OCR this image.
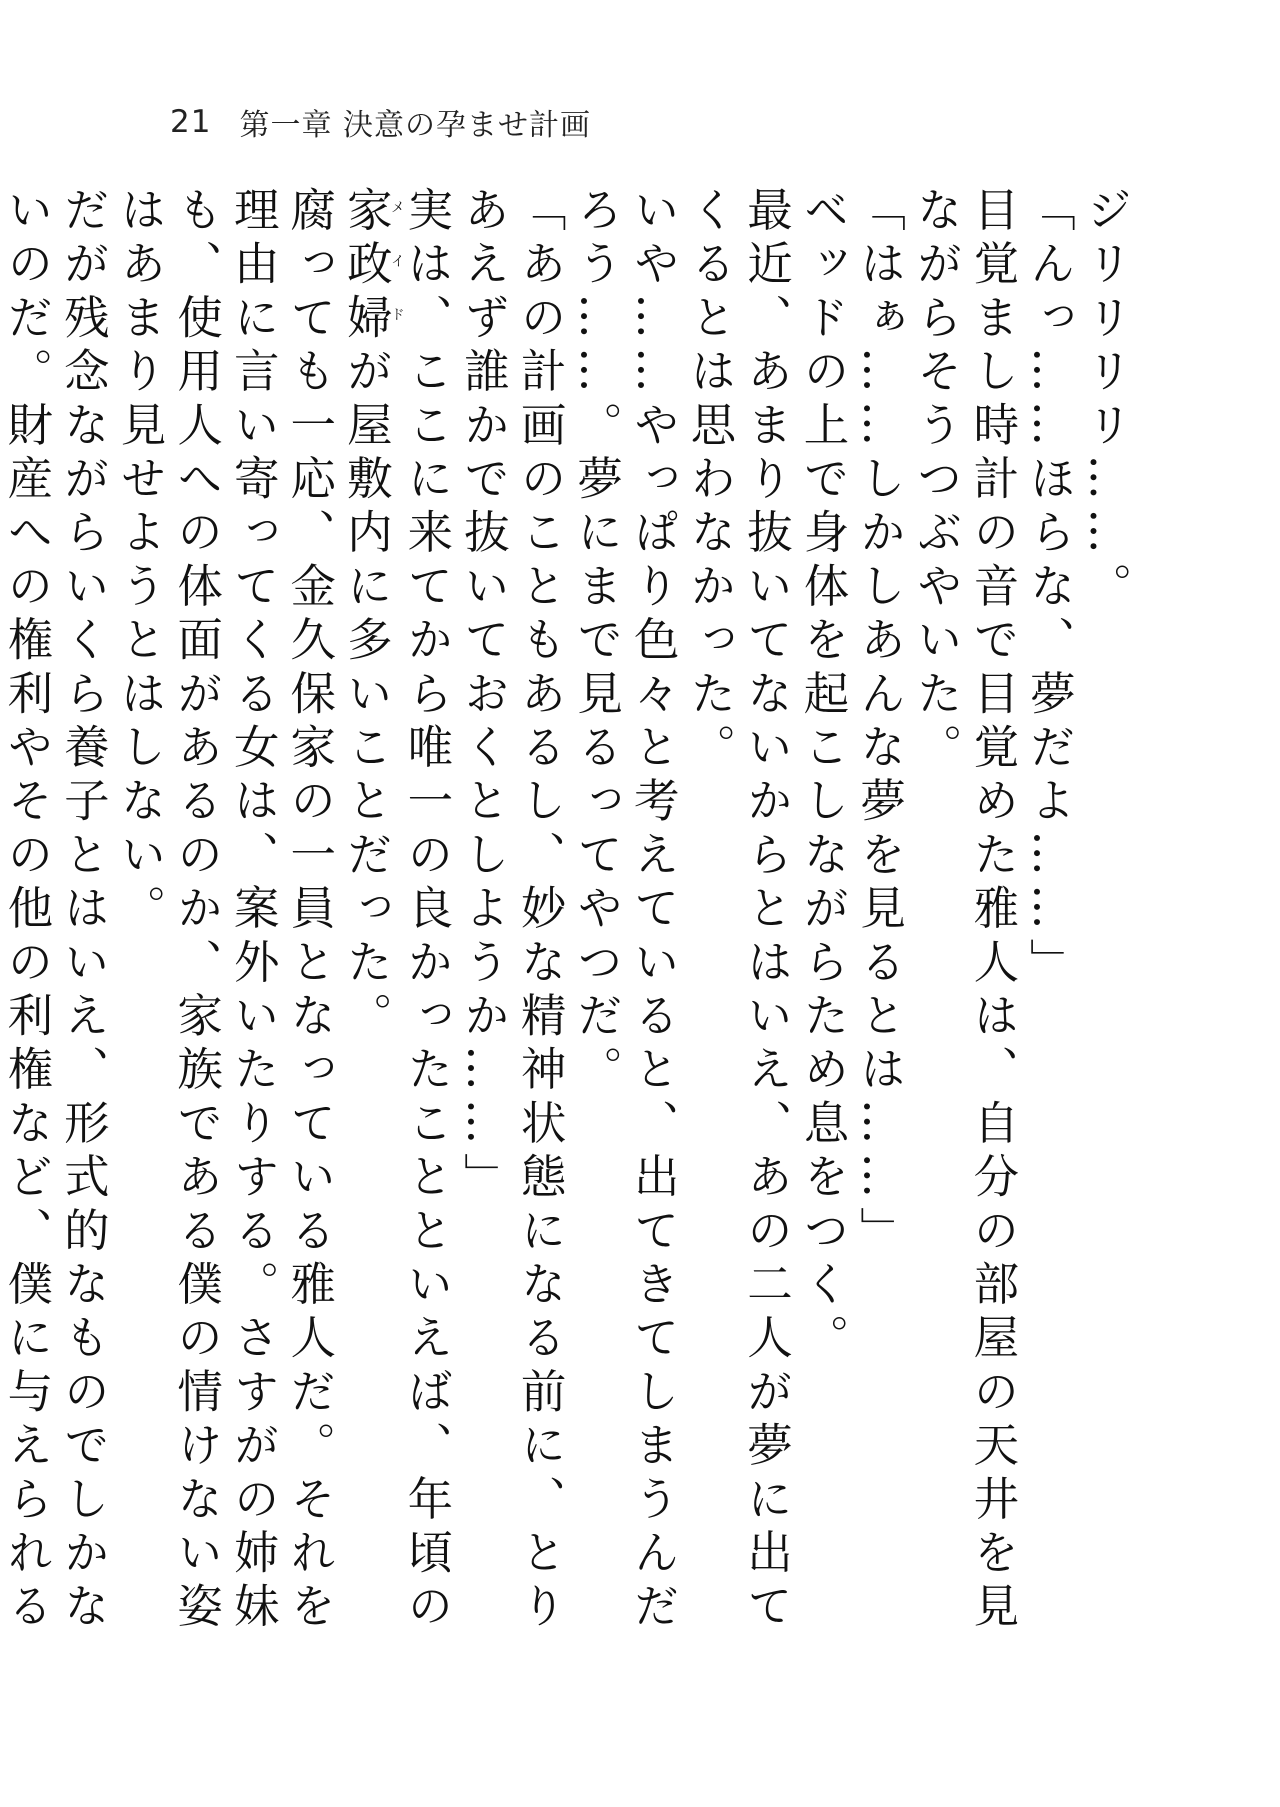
21 第一章 決意の孕ませ計画

ジリリリリ……。

「んっ……ほらな、夢だよ……」

目覚まし時計の音で目覚めた雅人は、自分の部屋の天井を見ながらそうつぶやいた。

「はぁ……しかしあんな夢を見るとは……」

ベッドの上で身体を起こしながらため息をつく。

最近、あまり抜いてないからとはいえ、あの二人が夢に出てくるとは思わなかった。

いや……やっぱり色々と考えていると、出てきてしまうんだろう……。夢にまで見るってやつだ。

「あの計画のこともあるし、妙な精神状態になる前に、とりあえず誰かで抜いておくとしようか……」

実は、ここに来てから唯一の良かったことといえば、年頃の家政婦メイドが屋敷内に多いことだった。

腐っても一応、金久保家の一員となっている雅人だ。それを理由に言い寄ってくる女は、案外いたりする。さすがの姉妹も、使用人への体面があるのか、家族である僕の情けない姿はあまり見せようとはしない。

だが残念ながらいくら養子とはいえ、形式的なものでしかないのだ。財産への権利やその他の利権など、僕に与えられる
